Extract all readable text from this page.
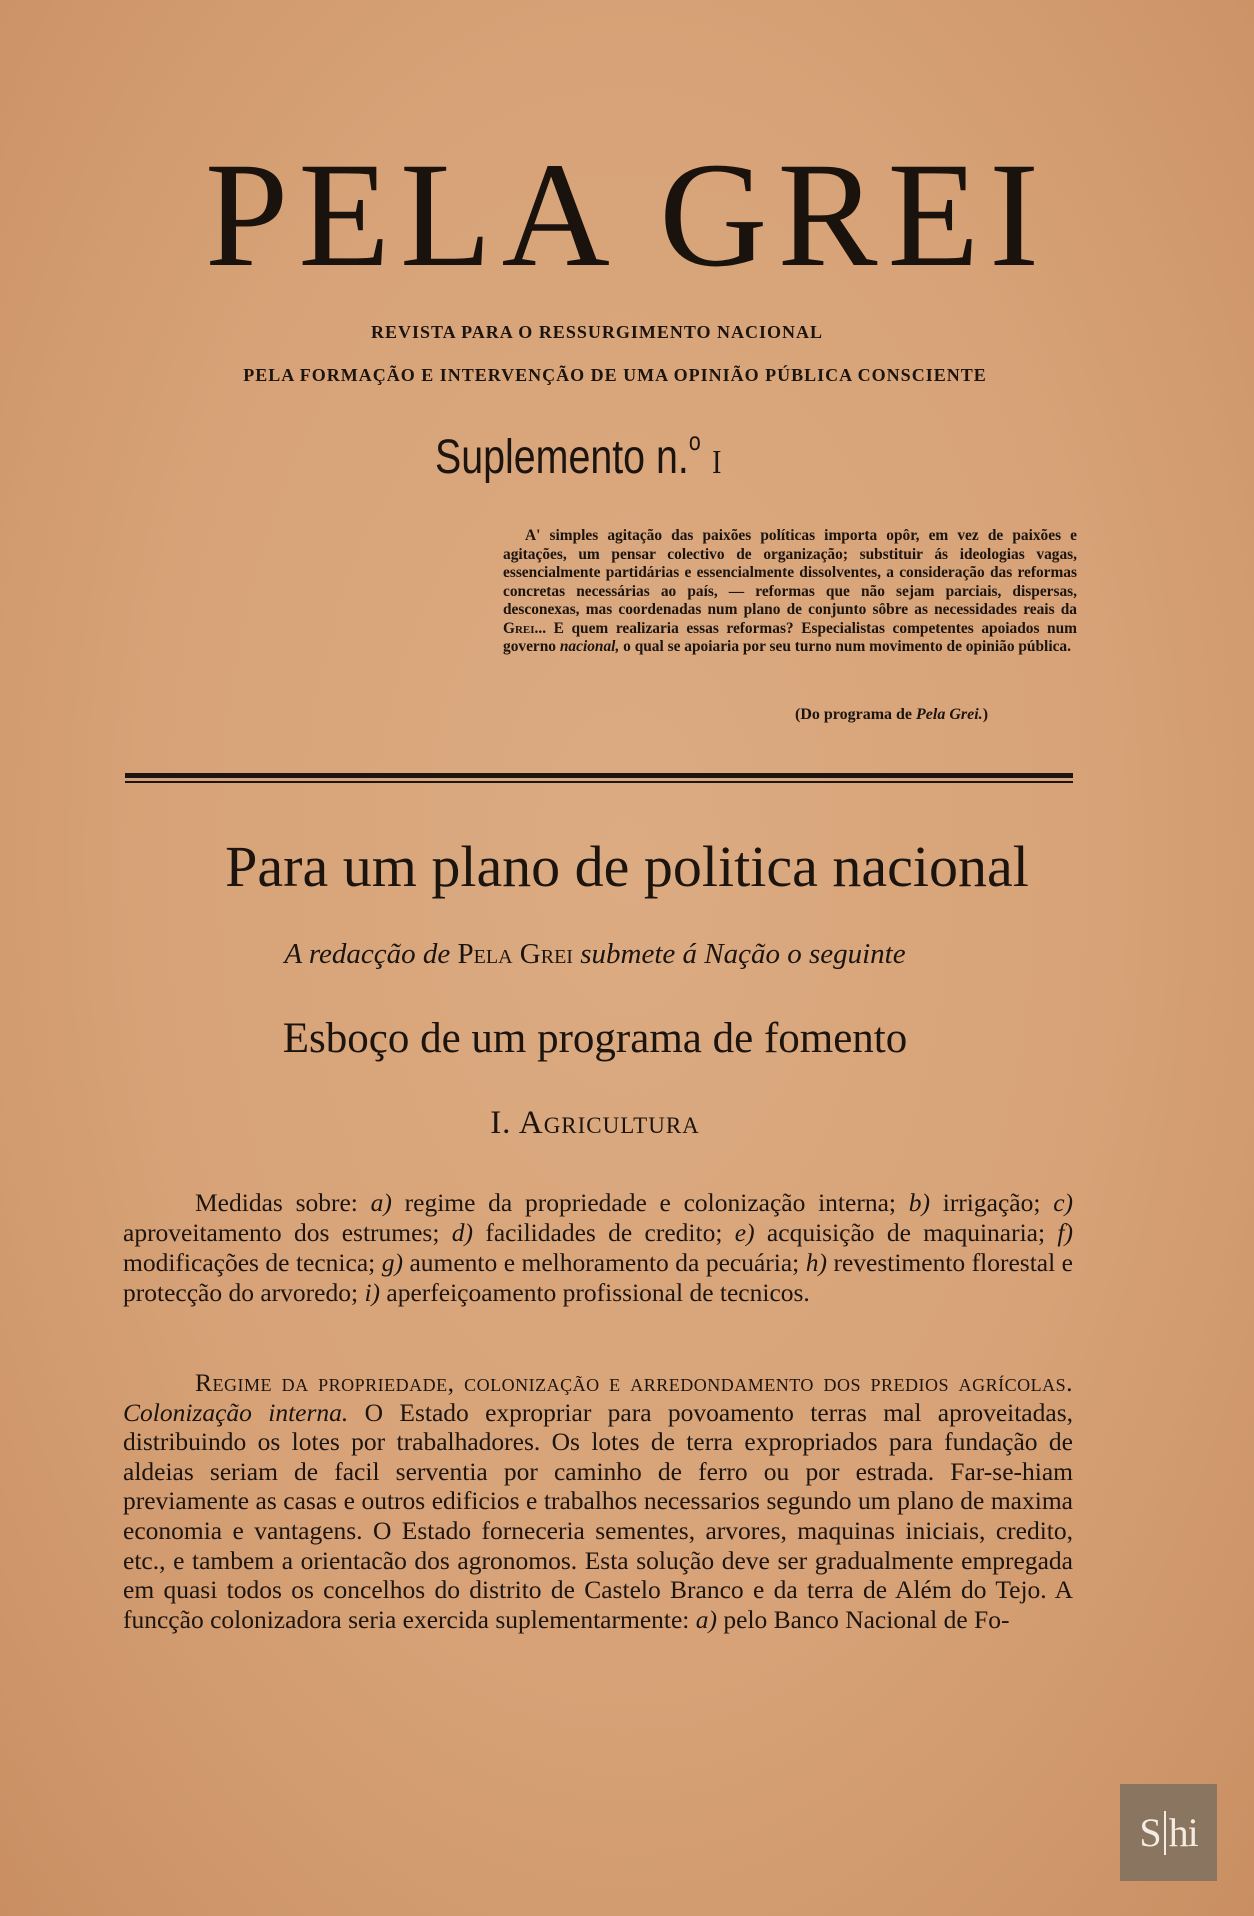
PELA GREI
REVISTA PARA O RESSURGIMENTO NACIONAL
PELA FORMAÇÃO E INTERVENÇÃO DE UMA OPINIÃO PÚBLICA CONSCIENTE
Suplemento n.$^o$I
A' simples agitação das paixões políticas importa opôr, em vez de paixões e agitações, um pensar colectivo de organização; substituir ás ideologias vagas, essencialmente partidárias e essencialmente dissolventes, a consideração das reformas concretas necessárias ao país, — reformas que não sejam parciais, dispersas, desconexas, mas coordenadas num plano de conjunto sôbre as necessidades reais da Grei... E quem realizaria essas reformas? Especialistas competentes apoiados num governo nacional, o qual se apoiaria por seu turno num movimento de opinião pública.
(Do programa de Pela Grei.)
Para um plano de politica nacional
A redacção de Pela Grei submete á Nação o seguinte
Esboço de um programa de fomento
I. Agricultura
Medidas sobre: a) regime da propriedade e colonização interna; b) irrigação; c) aproveitamento dos estrumes; d) facilidades de credito; e) acquisição de maquinaria; f) modificações de tecnica; g) aumento e melhoramento da pecuária; h) revestimento florestal e protecção do arvoredo; i) aperfeiçoamento profissional de tecnicos.
Regime da propriedade, colonização e arredondamento dos predios agrícolas. Colonização interna. O Estado expropriar para povoamento terras mal aproveitadas, distribuindo os lotes por trabalhadores. Os lotes de terra expropriados para fundação de aldeias seriam de facil serventia por caminho de ferro ou por estrada. Far-se-hiam previamente as casas e outros edificios e trabalhos necessarios segundo um plano de maxima economia e vantagens. O Estado forneceria sementes, arvores, maquinas iniciais, credito, etc., e tambem a orientacão dos agronomos. Esta solução deve ser gradualmente empregada em quasi todos os concelhos do distrito de Castelo Branco e da terra de Além do Tejo. A funcção colonizadora seria exercida suplementarmente: a) pelo Banco Nacional de Fo-
S hi
